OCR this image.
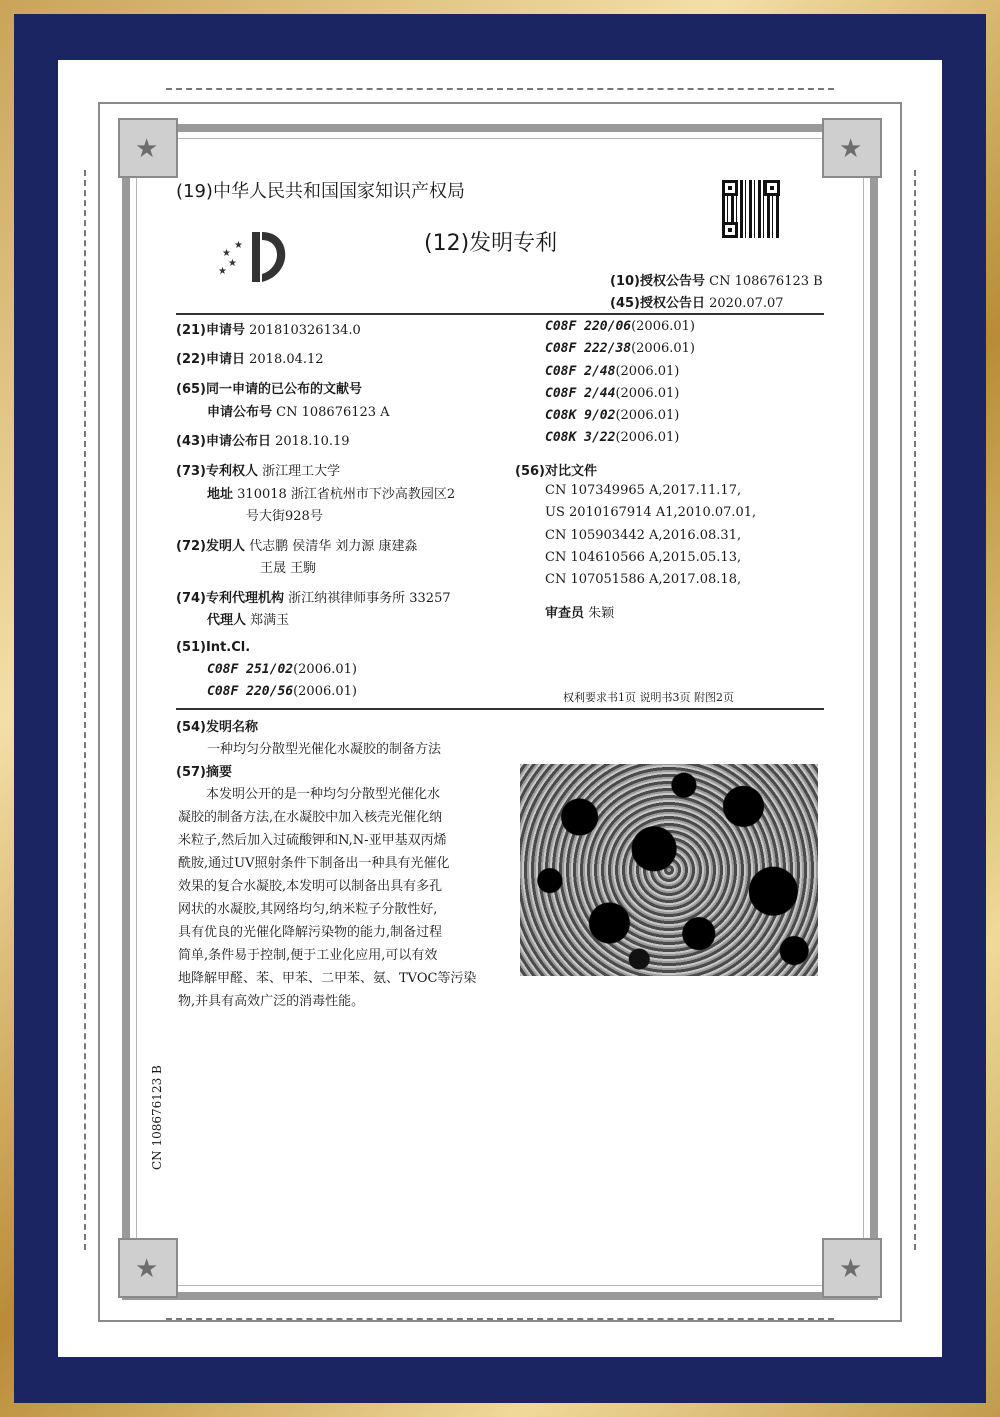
★	★
★	★
(19)中华人民共和国国家知识产权局
★
★
★
★	(12)发明专利
(10)授权公告号 CN 108676123 B
(45)授权公告日 2020.07.07
(21)申请号 201810326134.0
(22)申请日 2018.04.12
(65)同一申请的已公布的文献号
申请公布号 CN 108676123 A
(43)申请公布日 2018.10.19
(73)专利权人 浙江理工大学
地址 310018 浙江省杭州市下沙高教园区2
号大街928号
(72)发明人 代志鹏 侯清华 刘力源 康建淼
王晟 王駒
(74)专利代理机构 浙江纳祺律师事务所 33257
代理人 郑满玉
(51)Int.Cl.
C08F 251/02(2006.01)
C08F 220/56(2006.01)
C08F 220/06(2006.01)
C08F 222/38(2006.01)
C08F 2/48(2006.01)
C08F 2/44(2006.01)
C08K 9/02(2006.01)
C08K 3/22(2006.01)
(56)对比文件
CN 107349965 A,2017.11.17,
US 2010167914 A1,2010.07.01,
CN 105903442 A,2016.08.31,
CN 104610566 A,2015.05.13,
CN 107051586 A,2017.08.18,
审查员 朱颖
权利要求书1页 说明书3页 附图2页
(54)发明名称
一种均匀分散型光催化水凝胶的制备方法
(57)摘要
本发明公开的是一种均匀分散型光催化水
凝胶的制备方法,在水凝胶中加入核壳光催化纳
米粒子,然后加入过硫酸钾和N,N-亚甲基双丙烯
酰胺,通过UV照射条件下制备出一种具有光催化
效果的复合水凝胶,本发明可以制备出具有多孔
网状的水凝胶,其网络均匀,纳米粒子分散性好,
具有优良的光催化降解污染物的能力,制备过程
简单,条件易于控制,便于工业化应用,可以有效
地降解甲醛、苯、甲苯、二甲苯、氨、TVOC等污染
物,并具有高效广泛的消毒性能。
CN 108676123 B
